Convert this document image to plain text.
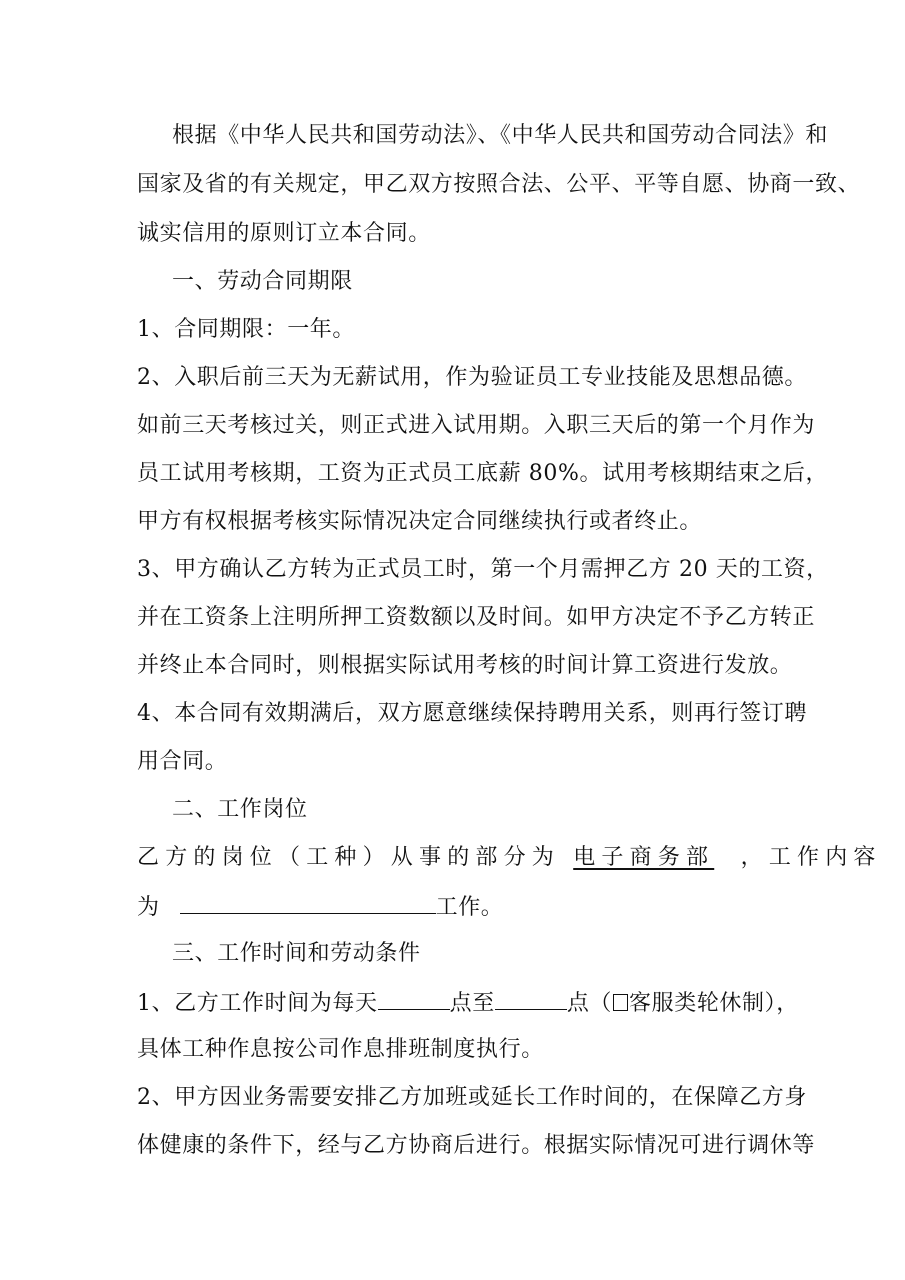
根据《中华人民共和国劳动法》、《中华人民共和国劳动合同法》和
国家及省的有关规定，甲乙双方按照合法、公平、平等自愿、协商一致、
诚实信用的原则订立本合同。
一、劳动合同期限
1、合同期限：一年。
2、入职后前三天为无薪试用，作为验证员工专业技能及思想品德。
如前三天考核过关，则正式进入试用期。入职三天后的第一个月作为
员工试用考核期，工资为正式员工底薪 80%。试用考核期结束之后，
甲方有权根据考核实际情况决定合同继续执行或者终止。
3、甲方确认乙方转为正式员工时，第一个月需押乙方 20 天的工资，
并在工资条上注明所押工资数额以及时间。如甲方决定不予乙方转正
并终止本合同时，则根据实际试用考核的时间计算工资进行发放。
4、本合同有效期满后，双方愿意继续保持聘用关系，则再行签订聘
用合同。
二、工作岗位
乙方的岗位（工种）从事的部分为 电子商务部 ，工作内容
为	工作。
三、工作时间和劳动条件
1、乙方工作时间为每天	点至	点（ 客服类轮休制），
具体工种作息按公司作息排班制度执行。
2、甲方因业务需要安排乙方加班或延长工作时间的，在保障乙方身
体健康的条件下，经与乙方协商后进行。根据实际情况可进行调休等
